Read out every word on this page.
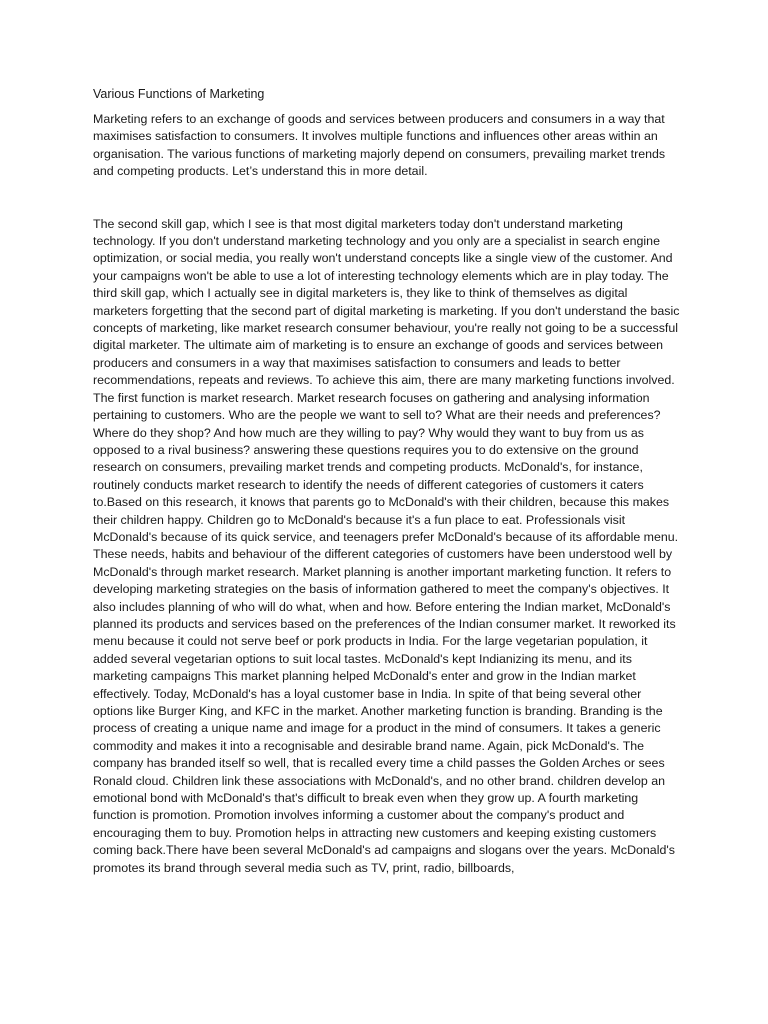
Various Functions of Marketing

Marketing refers to an exchange of goods and services between producers and consumers in a way that maximises satisfaction to consumers. It involves multiple functions and influences other areas within an organisation. The various functions of marketing majorly depend on consumers, prevailing market trends and competing products. Let’s understand this in more detail.

The second skill gap, which I see is that most digital marketers today don't understand marketing technology. If you don't understand marketing technology and you only are a specialist in search engine optimization, or social media, you really won't understand concepts like a single view of the customer. And your campaigns won't be able to use a lot of interesting technology elements which are in play today. The third skill gap, which I actually see in digital marketers is, they like to think of themselves as digital marketers forgetting that the second part of digital marketing is marketing. If you don't understand the basic concepts of marketing, like market research consumer behaviour, you're really not going to be a successful digital marketer. The ultimate aim of marketing is to ensure an exchange of goods and services between producers and consumers in a way that maximises satisfaction to consumers and leads to better recommendations, repeats and reviews. To achieve this aim, there are many marketing functions involved. The first function is market research. Market research focuses on gathering and analysing information pertaining to customers. Who are the people we want to sell to? What are their needs and preferences? Where do they shop? And how much are they willing to pay? Why would they want to buy from us as opposed to a rival business? answering these questions requires you to do extensive on the ground research on consumers, prevailing market trends and competing products. McDonald's, for instance, routinely conducts market research to identify the needs of different categories of customers it caters to.Based on this research, it knows that parents go to McDonald's with their children, because this makes their children happy. Children go to McDonald's because it's a fun place to eat. Professionals visit McDonald's because of its quick service, and teenagers prefer McDonald's because of its affordable menu. These needs, habits and behaviour of the different categories of customers have been understood well by McDonald's through market research. Market planning is another important marketing function. It refers to developing marketing strategies on the basis of information gathered to meet the company's objectives. It also includes planning of who will do what, when and how. Before entering the Indian market, McDonald's planned its products and services based on the preferences of the Indian consumer market. It reworked its menu because it could not serve beef or pork products in India. For the large vegetarian population, it added several vegetarian options to suit local tastes. McDonald's kept Indianizing its menu, and its marketing campaigns This market planning helped McDonald's enter and grow in the Indian market effectively. Today, McDonald's has a loyal customer base in India. In spite of that being several other options like Burger King, and KFC in the market. Another marketing function is branding. Branding is the process of creating a unique name and image for a product in the mind of consumers. It takes a generic commodity and makes it into a recognisable and desirable brand name. Again, pick McDonald's. The company has branded itself so well, that is recalled every time a child passes the Golden Arches or sees Ronald cloud. Children link these associations with McDonald's, and no other brand. children develop an emotional bond with McDonald's that's difficult to break even when they grow up. A fourth marketing function is promotion. Promotion involves informing a customer about the company's product and encouraging them to buy. Promotion helps in attracting new customers and keeping existing customers coming back.There have been several McDonald's ad campaigns and slogans over the years. McDonald's promotes its brand through several media such as TV, print, radio, billboards,
